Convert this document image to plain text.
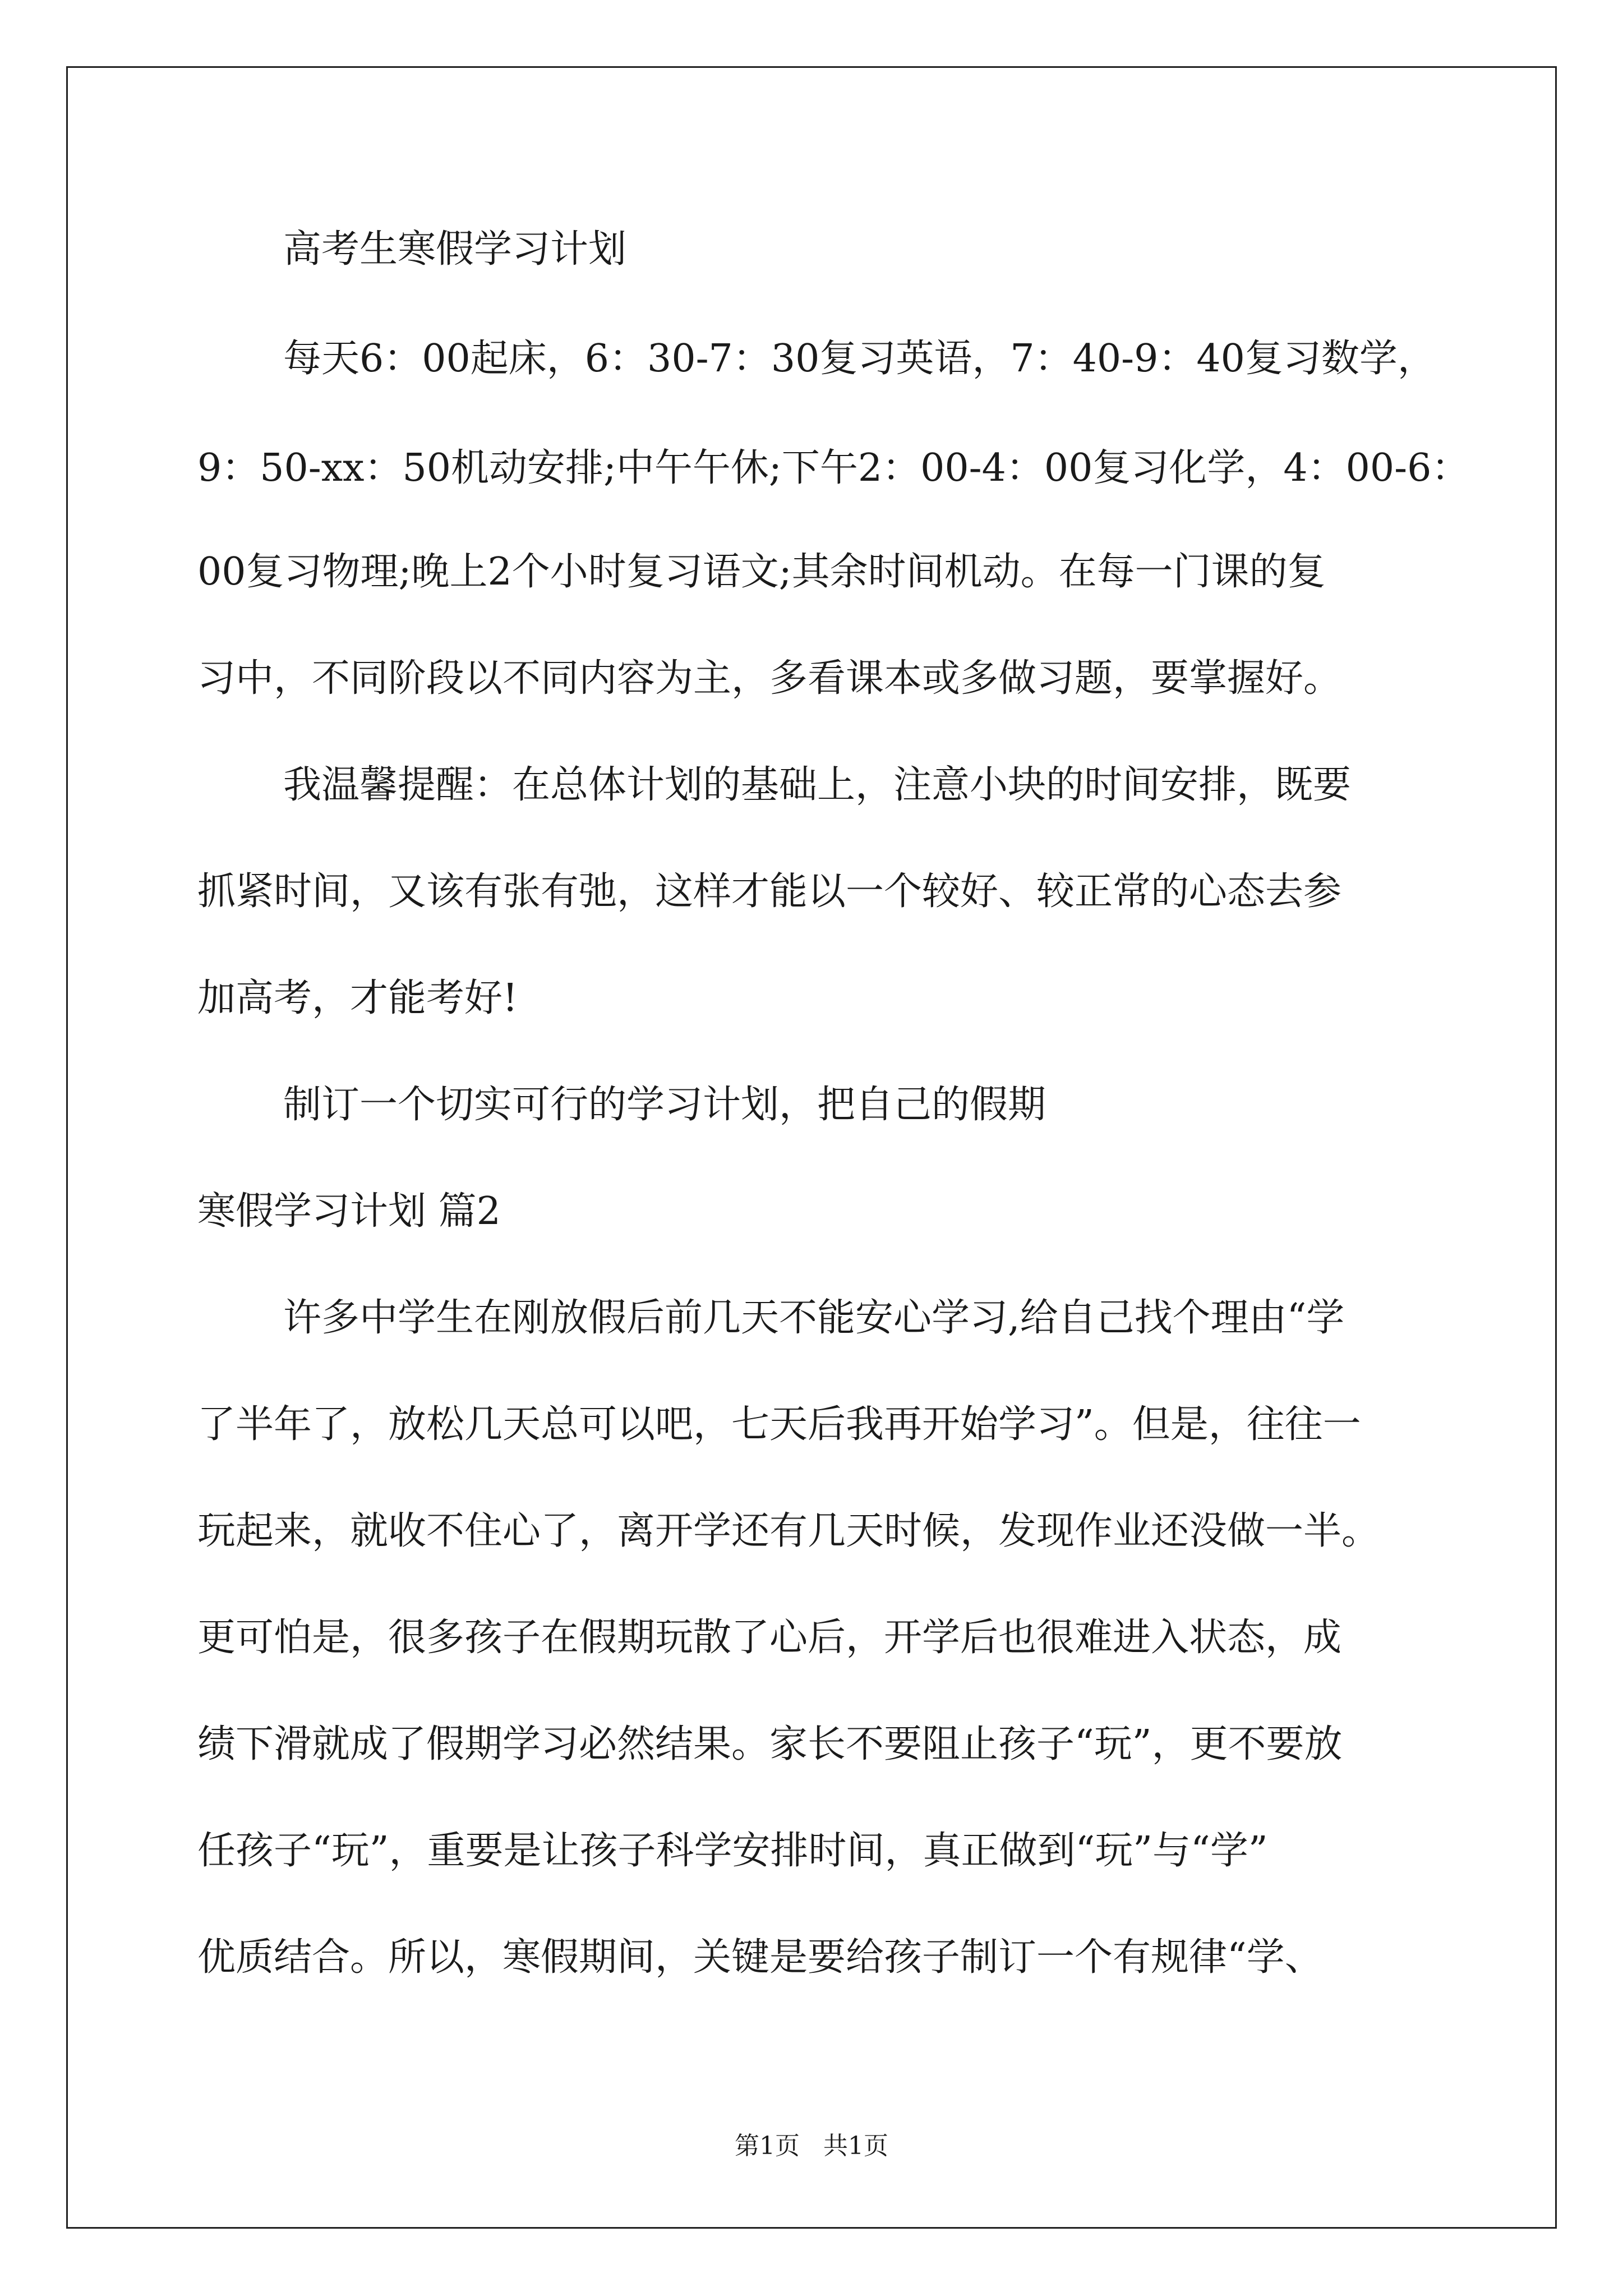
高考生寒假学习计划
每天6：00起床，6：30-7：30复习英语，7：40-9：40复习数学，
9：50-xx：50机动安排;中午午休;下午2：00-4：00复习化学，4：00-6：
00复习物理;晚上2个小时复习语文;其余时间机动。在每一门课的复
习中，不同阶段以不同内容为主，多看课本或多做习题，要掌握好。
我温馨提醒：在总体计划的基础上，注意小块的时间安排，既要
抓紧时间，又该有张有弛，这样才能以一个较好、较正常的心态去参
加高考，才能考好!
制订一个切实可行的学习计划，把自己的假期
寒假学习计划 篇2
许多中学生在刚放假后前几天不能安心学习,给自己找个理由“学
了半年了，放松几天总可以吧，七天后我再开始学习”。但是，往往一
玩起来，就收不住心了，离开学还有几天时候，发现作业还没做一半。
更可怕是，很多孩子在假期玩散了心后，开学后也很难进入状态，成
绩下滑就成了假期学习必然结果。家长不要阻止孩子“玩”，更不要放
任孩子“玩”，重要是让孩子科学安排时间，真正做到“玩”与“学”
优质结合。所以，寒假期间，关键是要给孩子制订一个有规律“学、
第1页   共1页
